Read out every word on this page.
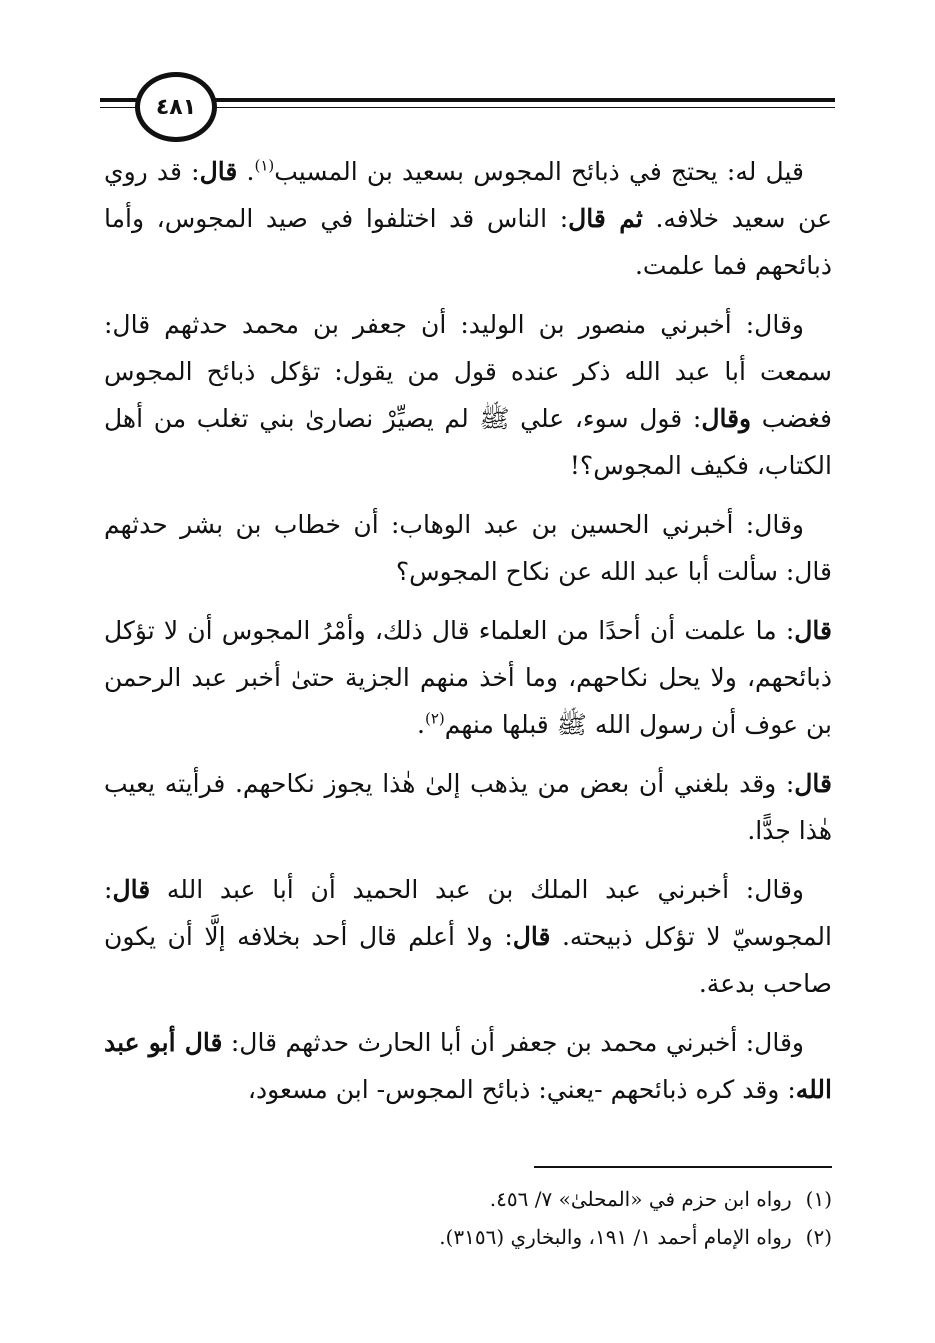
٤٨١

قيل له: يحتج في ذبائح المجوس بسعيد بن المسيب$^{(١)}$. قال: قد روي عن سعيد خلافه. ثم قال: الناس قد اختلفوا في صيد المجوس، وأما ذبائحهم فما علمت.

وقال: أخبرني منصور بن الوليد: أن جعفر بن محمد حدثهم قال: سمعت أبا عبد الله ذكر عنده قول من يقول: تؤكل ذبائح المجوس فغضب وقال: قول سوء، علي ﷺ لم يصيِّرْ نصارىٰ بني تغلب من أهل الكتاب، فكيف المجوس؟!

وقال: أخبرني الحسين بن عبد الوهاب: أن خطاب بن بشر حدثهم قال: سألت أبا عبد الله عن نكاح المجوس؟

قال: ما علمت أن أحدًا من العلماء قال ذلك، وأمْرُ المجوس أن لا تؤكل ذبائحهم، ولا يحل نكاحهم، وما أخذ منهم الجزية حتىٰ أخبر عبد الرحمن بن عوف أن رسول الله ﷺ قبلها منهم$^{(٢)}$.

قال: وقد بلغني أن بعض من يذهب إلىٰ هٰذا يجوز نكاحهم. فرأيته يعيب هٰذا جدًّا.

وقال: أخبرني عبد الملك بن عبد الحميد أن أبا عبد الله قال: المجوسيّ لا تؤكل ذبيحته. قال: ولا أعلم قال أحد بخلافه إلَّا أن يكون صاحب بدعة.

وقال: أخبرني محمد بن جعفر أن أبا الحارث حدثهم قال: قال أبو عبد الله: وقد كره ذبائحهم -يعني: ذبائح المجوس- ابن مسعود،

(١)رواه ابن حزم في «المحلىٰ» ٧/ ٤٥٦.
(٢)رواه الإمام أحمد ١/ ١٩١، والبخاري (٣١٥٦).
